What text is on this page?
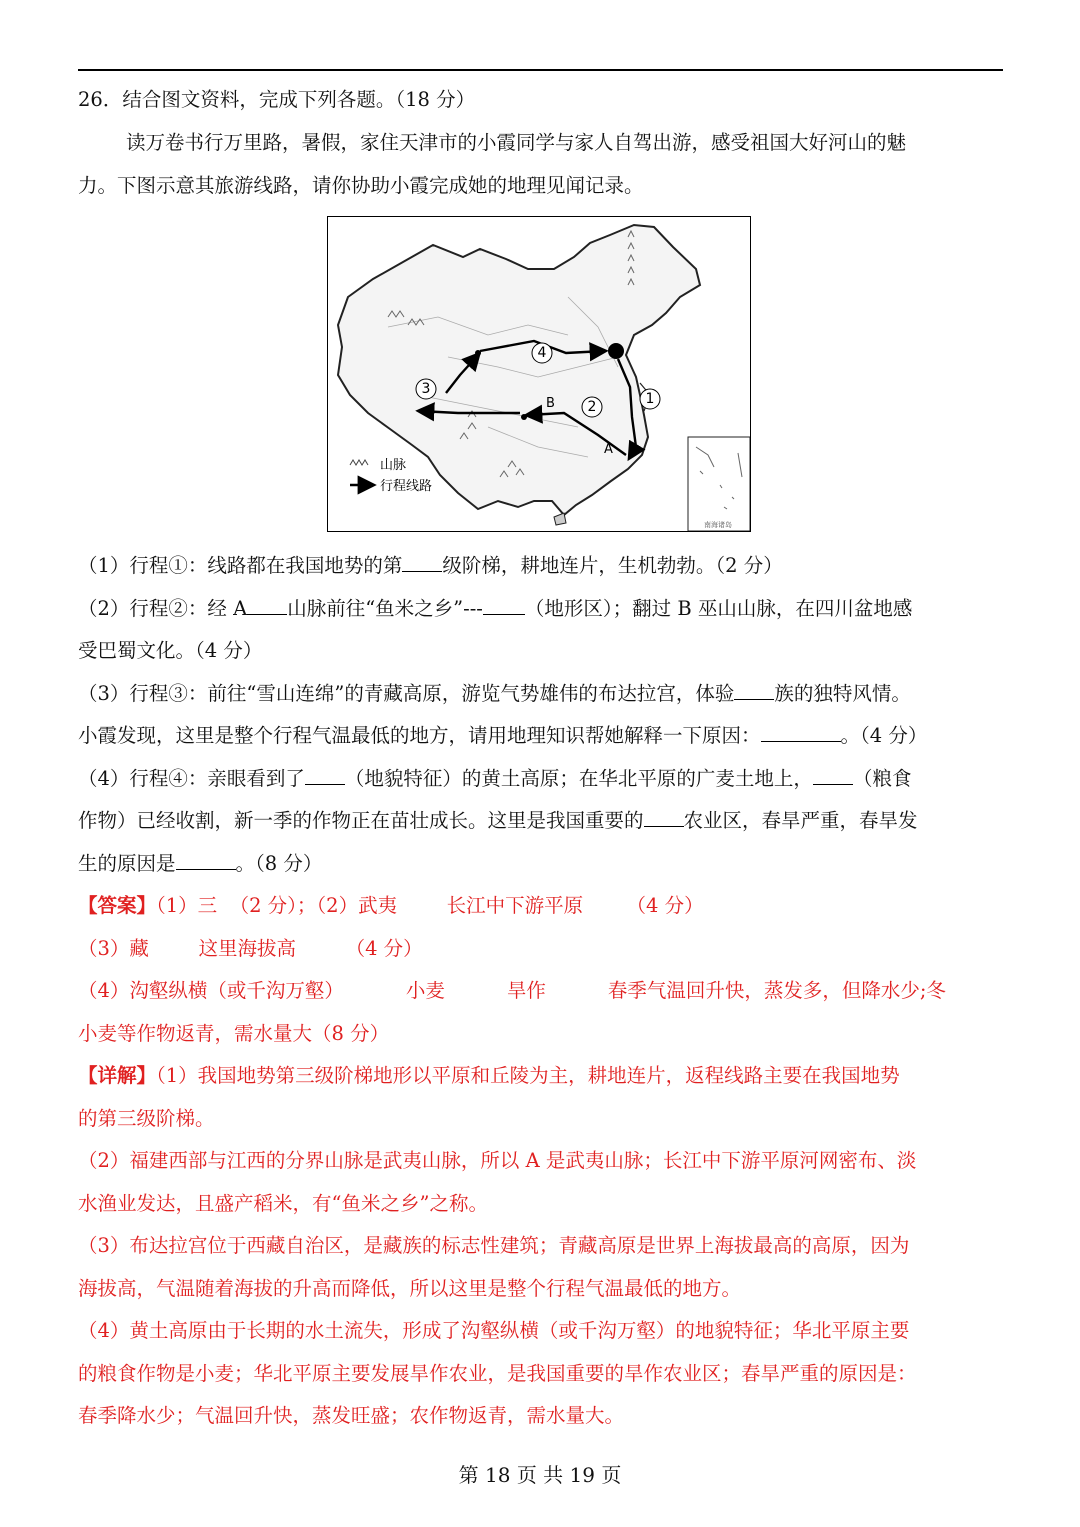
26．结合图文资料，完成下列各题。（18 分）
读万卷书行万里路，暑假，家住天津市的小霞同学与家人自驾出游，感受祖国大好河山的魅
力。下图示意其旅游线路，请你协助小霞完成她的地理见闻记录。
1
2
3
4
B
A
南海诸岛
山脉
行程线路
（1）行程①：线路都在我国地势的第 级阶梯，耕地连片，生机勃勃。（2 分）
（2）行程②：经 A 山脉前往“鱼米之乡”--- （地形区）；翻过 B 巫山山脉，在四川盆地感
受巴蜀文化。（4 分）
（3）行程③：前往“雪山连绵”的青藏高原，游览气势雄伟的布达拉宫，体验 族的独特风情。
小霞发现，这里是整个行程气温最低的地方，请用地理知识帮她解释一下原因：	。（4 分）
（4）行程④：亲眼看到了 （地貌特征）的黄土高原；在华北平原的广麦土地上， （粮食
作物）已经收割，新一季的作物正在苗壮成长。这里是我国重要的 农业区，春旱严重，春旱发
生的原因是	。（8 分）
【答案】（1）三  （2 分）；（2）武夷        长江中下游平原       （4 分）
（3）藏        这里海拔高        （4 分）
（4）沟壑纵横（或千沟万壑）          小麦          旱作          春季气温回升快，蒸发多，但降水少;冬
小麦等作物返青，需水量大（8 分）
【详解】（1）我国地势第三级阶梯地形以平原和丘陵为主，耕地连片，返程线路主要在我国地势
的第三级阶梯。
（2）福建西部与江西的分界山脉是武夷山脉，所以 A 是武夷山脉；长江中下游平原河网密布、淡
水渔业发达，且盛产稻米，有“鱼米之乡”之称。
（3）布达拉宫位于西藏自治区，是藏族的标志性建筑；青藏高原是世界上海拔最高的高原，因为
海拔高，气温随着海拔的升高而降低，所以这里是整个行程气温最低的地方。
（4）黄土高原由于长期的水土流失，形成了沟壑纵横（或千沟万壑）的地貌特征；华北平原主要
的粮食作物是小麦；华北平原主要发展旱作农业，是我国重要的旱作农业区；春旱严重的原因是：
春季降水少；气温回升快，蒸发旺盛；农作物返青，需水量大。
第 18 页 共 19 页
